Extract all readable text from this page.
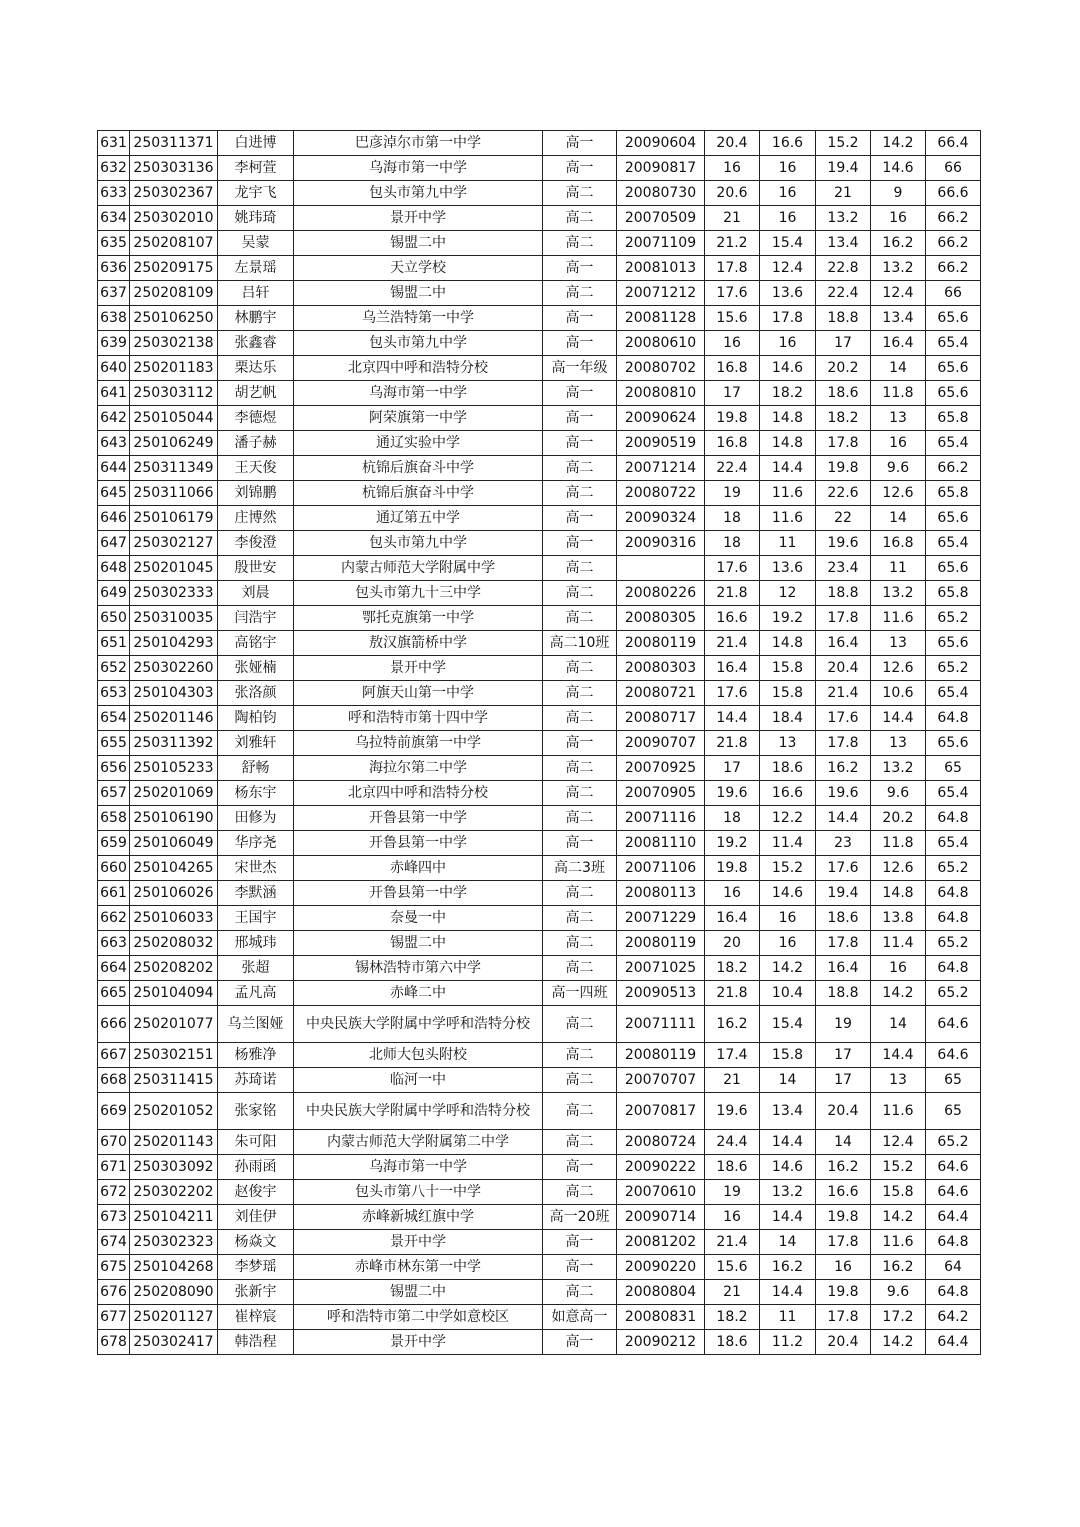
631	250311371	白进博	巴彦淖尔市第一中学	高一	20090604	20.4	16.6	15.2	14.2	66.4
632	250303136	李柯萱	乌海市第一中学	高一	20090817	16	16	19.4	14.6	66
633	250302367	龙宇飞	包头市第九中学	高二	20080730	20.6	16	21	9	66.6
634	250302010	姚玮琦	景开中学	高二	20070509	21	16	13.2	16	66.2
635	250208107	吴蒙	锡盟二中	高二	20071109	21.2	15.4	13.4	16.2	66.2
636	250209175	左景瑶	天立学校	高一	20081013	17.8	12.4	22.8	13.2	66.2
637	250208109	吕轩	锡盟二中	高二	20071212	17.6	13.6	22.4	12.4	66
638	250106250	林鹏宇	乌兰浩特第一中学	高一	20081128	15.6	17.8	18.8	13.4	65.6
639	250302138	张鑫睿	包头市第九中学	高一	20080610	16	16	17	16.4	65.4
640	250201183	栗达乐	北京四中呼和浩特分校	高一年级	20080702	16.8	14.6	20.2	14	65.6
641	250303112	胡艺帆	乌海市第一中学	高一	20080810	17	18.2	18.6	11.8	65.6
642	250105044	李德煜	阿荣旗第一中学	高一	20090624	19.8	14.8	18.2	13	65.8
643	250106249	潘子赫	通辽实验中学	高一	20090519	16.8	14.8	17.8	16	65.4
644	250311349	王天俊	杭锦后旗奋斗中学	高二	20071214	22.4	14.4	19.8	9.6	66.2
645	250311066	刘锦鹏	杭锦后旗奋斗中学	高二	20080722	19	11.6	22.6	12.6	65.8
646	250106179	庄博然	通辽第五中学	高一	20090324	18	11.6	22	14	65.6
647	250302127	李俊澄	包头市第九中学	高一	20090316	18	11	19.6	16.8	65.4
648	250201045	殷世安	内蒙古师范大学附属中学	高二		17.6	13.6	23.4	11	65.6
649	250302333	刘晨	包头市第九十三中学	高二	20080226	21.8	12	18.8	13.2	65.8
650	250310035	闫浩宇	鄂托克旗第一中学	高二	20080305	16.6	19.2	17.8	11.6	65.2
651	250104293	高铭宇	敖汉旗箭桥中学	高二10班	20080119	21.4	14.8	16.4	13	65.6
652	250302260	张娅楠	景开中学	高二	20080303	16.4	15.8	20.4	12.6	65.2
653	250104303	张洛颜	阿旗天山第一中学	高二	20080721	17.6	15.8	21.4	10.6	65.4
654	250201146	陶柏钧	呼和浩特市第十四中学	高二	20080717	14.4	18.4	17.6	14.4	64.8
655	250311392	刘雅轩	乌拉特前旗第一中学	高一	20090707	21.8	13	17.8	13	65.6
656	250105233	舒畅	海拉尔第二中学	高二	20070925	17	18.6	16.2	13.2	65
657	250201069	杨东宇	北京四中呼和浩特分校	高二	20070905	19.6	16.6	19.6	9.6	65.4
658	250106190	田修为	开鲁县第一中学	高二	20071116	18	12.2	14.4	20.2	64.8
659	250106049	华序尧	开鲁县第一中学	高一	20081110	19.2	11.4	23	11.8	65.4
660	250104265	宋世杰	赤峰四中	高二3班	20071106	19.8	15.2	17.6	12.6	65.2
661	250106026	李默涵	开鲁县第一中学	高二	20080113	16	14.6	19.4	14.8	64.8
662	250106033	王国宇	奈曼一中	高二	20071229	16.4	16	18.6	13.8	64.8
663	250208032	邢城玮	锡盟二中	高二	20080119	20	16	17.8	11.4	65.2
664	250208202	张超	锡林浩特市第六中学	高二	20071025	18.2	14.2	16.4	16	64.8
665	250104094	孟凡高	赤峰二中	高一四班	20090513	21.8	10.4	18.8	14.2	65.2
666	250201077	乌兰图娅	中央民族大学附属中学呼和浩特分校	高二	20071111	16.2	15.4	19	14	64.6
667	250302151	杨雅净	北师大包头附校	高二	20080119	17.4	15.8	17	14.4	64.6
668	250311415	苏琦诺	临河一中	高二	20070707	21	14	17	13	65
669	250201052	张家铭	中央民族大学附属中学呼和浩特分校	高二	20070817	19.6	13.4	20.4	11.6	65
670	250201143	朱可阳	内蒙古师范大学附属第二中学	高二	20080724	24.4	14.4	14	12.4	65.2
671	250303092	孙雨函	乌海市第一中学	高一	20090222	18.6	14.6	16.2	15.2	64.6
672	250302202	赵俊宇	包头市第八十一中学	高二	20070610	19	13.2	16.6	15.8	64.6
673	250104211	刘佳伊	赤峰新城红旗中学	高一20班	20090714	16	14.4	19.8	14.2	64.4
674	250302323	杨焱文	景开中学	高一	20081202	21.4	14	17.8	11.6	64.8
675	250104268	李梦瑶	赤峰市林东第一中学	高一	20090220	15.6	16.2	16	16.2	64
676	250208090	张新宇	锡盟二中	高二	20080804	21	14.4	19.8	9.6	64.8
677	250201127	崔梓宸	呼和浩特市第二中学如意校区	如意高一	20080831	18.2	11	17.8	17.2	64.2
678	250302417	韩浩程	景开中学	高一	20090212	18.6	11.2	20.4	14.2	64.4
